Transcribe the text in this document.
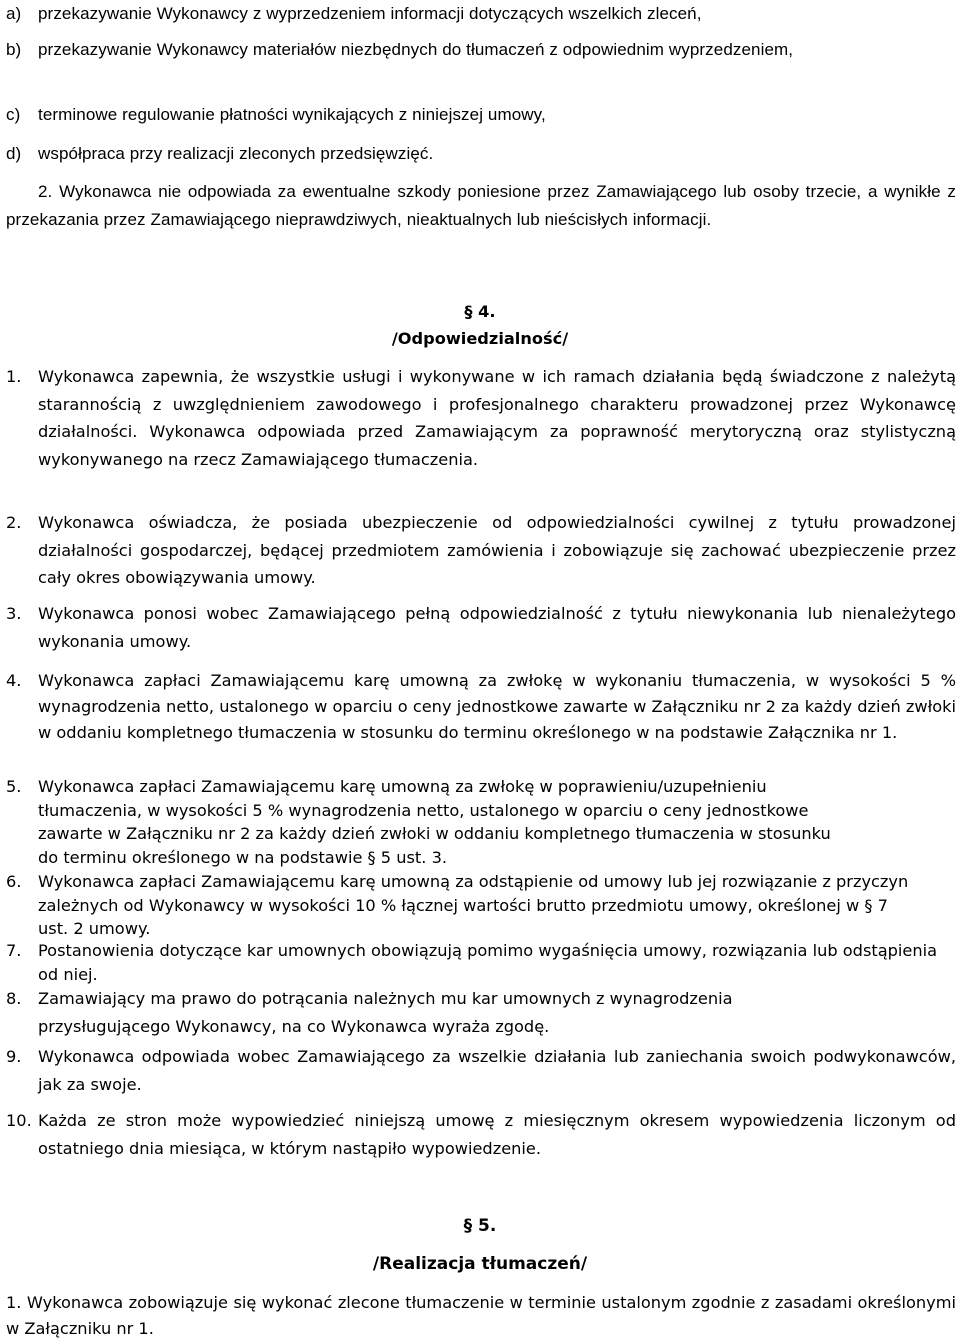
a) przekazywanie Wykonawcy z wyprzedzeniem informacji dotyczących wszelkich zleceń,
b) przekazywanie Wykonawcy materiałów niezbędnych do tłumaczeń z odpowiednim wyprzedzeniem,
c)	terminowe regulowanie płatności wynikających z niniejszej umowy,
d) współpraca przy realizacji zleconych przedsięwzięć.
2. Wykonawca nie odpowiada za ewentualne szkody poniesione przez Zamawiającego lub osoby trzecie, a wynikłe z przekazania przez Zamawiającego nieprawdziwych, nieaktualnych lub nieścisłych informacji.
§ 4.
/Odpowiedzialność/
1.	Wykonawca zapewnia, że wszystkie usługi i wykonywane w ich ramach działania będą świadczone z należytą starannością z uwzględnieniem zawodowego i profesjonalnego charakteru prowadzonej przez Wykonawcę działalności. Wykonawca odpowiada przed Zamawiającym za poprawność merytoryczną oraz stylistyczną wykonywanego na rzecz Zamawiającego tłumaczenia.
2.	Wykonawca oświadcza, że posiada ubezpieczenie od odpowiedzialności cywilnej z tytułu prowadzonej działalności gospodarczej, będącej przedmiotem zamówienia i zobowiązuje się zachować ubezpieczenie przez cały okres obowiązywania umowy.
3.	Wykonawca ponosi wobec Zamawiającego pełną odpowiedzialność z tytułu niewykonania lub nienależytego wykonania umowy.
4.	Wykonawca zapłaci Zamawiającemu karę umowną za zwłokę w wykonaniu tłumaczenia, w wysokości 5 % wynagrodzenia netto, ustalonego w oparciu o ceny jednostkowe zawarte w Załączniku nr 2 za każdy dzień zwłoki w oddaniu kompletnego tłumaczenia w stosunku do terminu określonego w na podstawie Załącznika nr 1.
5.	Wykonawca zapłaci Zamawiającemu karę umowną za zwłokę w poprawieniu/uzupełnieniu tłumaczenia, w wysokości 5 % wynagrodzenia netto, ustalonego w oparciu o ceny jednostkowe zawarte w Załączniku nr 2 za każdy dzień zwłoki w oddaniu kompletnego tłumaczenia w stosunku do terminu określonego w na podstawie § 5 ust. 3.
6.	Wykonawca zapłaci Zamawiającemu karę umowną za odstąpienie od umowy lub jej rozwiązanie z przyczyn zależnych od Wykonawcy w wysokości 10 % łącznej wartości brutto przedmiotu umowy, określonej w § 7 ust. 2 umowy.
7.	Postanowienia dotyczące kar umownych obowiązują pomimo wygaśnięcia umowy, rozwiązania lub odstąpienia od niej.
8.	Zamawiający ma prawo do potrącania należnych mu kar umownych z wynagrodzenia przysługującego Wykonawcy, na co Wykonawca wyraża zgodę.
9.	Wykonawca odpowiada wobec Zamawiającego za wszelkie działania lub zaniechania swoich podwykonawców, jak za swoje.
10. Każda ze stron może wypowiedzieć niniejszą umowę z miesięcznym okresem wypowiedzenia liczonym od ostatniego dnia miesiąca, w którym nastąpiło wypowiedzenie.
§ 5.
/Realizacja tłumaczeń/
1. Wykonawca zobowiązuje się wykonać zlecone tłumaczenie w terminie ustalonym zgodnie z zasadami określonymi w Załączniku nr 1.
